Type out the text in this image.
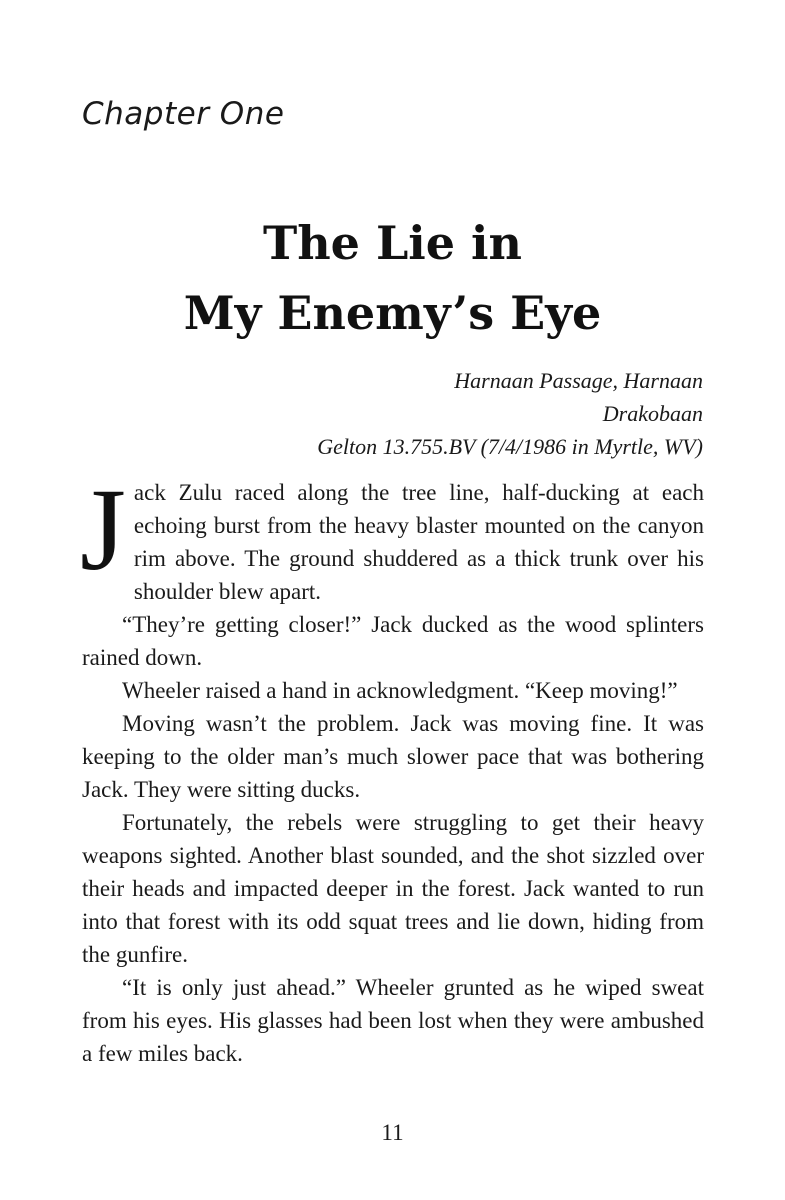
Chapter One
The Lie in
My Enemy’s Eye
Harnaan Passage, Harnaan
Drakobaan
Gelton 13.755.BV (7/4/1986 in Myrtle, WV)

Jack Zulu raced along the tree line, half-ducking at each echoing burst from the heavy blaster mounted on the canyon rim above. The ground shuddered as a thick trunk over his shoulder blew apart.

“They’re getting closer!” Jack ducked as the wood splinters rained down.

Wheeler raised a hand in acknowledgment. “Keep moving!”

Moving wasn’t the problem. Jack was moving fine. It was keeping to the older man’s much slower pace that was bothering Jack. They were sitting ducks.

Fortunately, the rebels were struggling to get their heavy weapons sighted. Another blast sounded, and the shot sizzled over their heads and impacted deeper in the forest. Jack wanted to run into that forest with its odd squat trees and lie down, hiding from the gunfire.

“It is only just ahead.” Wheeler grunted as he wiped sweat from his eyes. His glasses had been lost when they were ambushed a few miles back.

11
